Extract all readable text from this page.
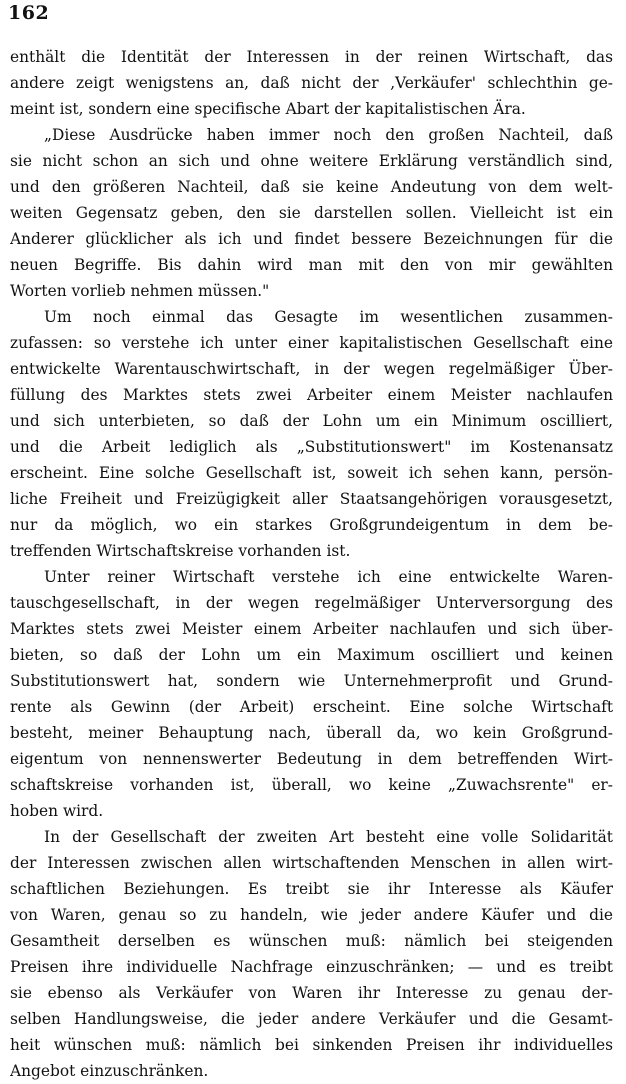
162
enthält die Identität der Interessen in der reinen Wirtschaft, das
andere zeigt wenigstens an, daß nicht der ‚Verkäufer' schlechthin ge-
meint ist, sondern eine specifische Abart der kapitalistischen Ära.
„Diese Ausdrücke haben immer noch den großen Nachteil, daß
sie nicht schon an sich und ohne weitere Erklärung verständlich sind,
und den größeren Nachteil, daß sie keine Andeutung von dem welt-
weiten Gegensatz geben, den sie darstellen sollen. Vielleicht ist ein
Anderer glücklicher als ich und findet bessere Bezeichnungen für die
neuen Begriffe. Bis dahin wird man mit den von mir gewählten
Worten vorlieb nehmen müssen."
Um noch einmal das Gesagte im wesentlichen zusammen-
zufassen: so verstehe ich unter einer kapitalistischen Gesellschaft eine
entwickelte Warentauschwirtschaft, in der wegen regelmäßiger Über-
füllung des Marktes stets zwei Arbeiter einem Meister nachlaufen
und sich unterbieten, so daß der Lohn um ein Minimum oscilliert,
und die Arbeit lediglich als „Substitutionswert" im Kostenansatz
erscheint. Eine solche Gesellschaft ist, soweit ich sehen kann, persön-
liche Freiheit und Freizügigkeit aller Staatsangehörigen vorausgesetzt,
nur da möglich, wo ein starkes Großgrundeigentum in dem be-
treffenden Wirtschaftskreise vorhanden ist.
Unter reiner Wirtschaft verstehe ich eine entwickelte Waren-
tauschgesellschaft, in der wegen regelmäßiger Unterversorgung des
Marktes stets zwei Meister einem Arbeiter nachlaufen und sich über-
bieten, so daß der Lohn um ein Maximum oscilliert und keinen
Substitutionswert hat, sondern wie Unternehmerprofit und Grund-
rente als Gewinn (der Arbeit) erscheint. Eine solche Wirtschaft
besteht, meiner Behauptung nach, überall da, wo kein Großgrund-
eigentum von nennenswerter Bedeutung in dem betreffenden Wirt-
schaftskreise vorhanden ist, überall, wo keine „Zuwachsrente" er-
hoben wird.
In der Gesellschaft der zweiten Art besteht eine volle Solidarität
der Interessen zwischen allen wirtschaftenden Menschen in allen wirt-
schaftlichen Beziehungen. Es treibt sie ihr Interesse als Käufer
von Waren, genau so zu handeln, wie jeder andere Käufer und die
Gesamtheit derselben es wünschen muß: nämlich bei steigenden
Preisen ihre individuelle Nachfrage einzuschränken; — und es treibt
sie ebenso als Verkäufer von Waren ihr Interesse zu genau der-
selben Handlungsweise, die jeder andere Verkäufer und die Gesamt-
heit wünschen muß: nämlich bei sinkenden Preisen ihr individuelles
Angebot einzuschränken.
